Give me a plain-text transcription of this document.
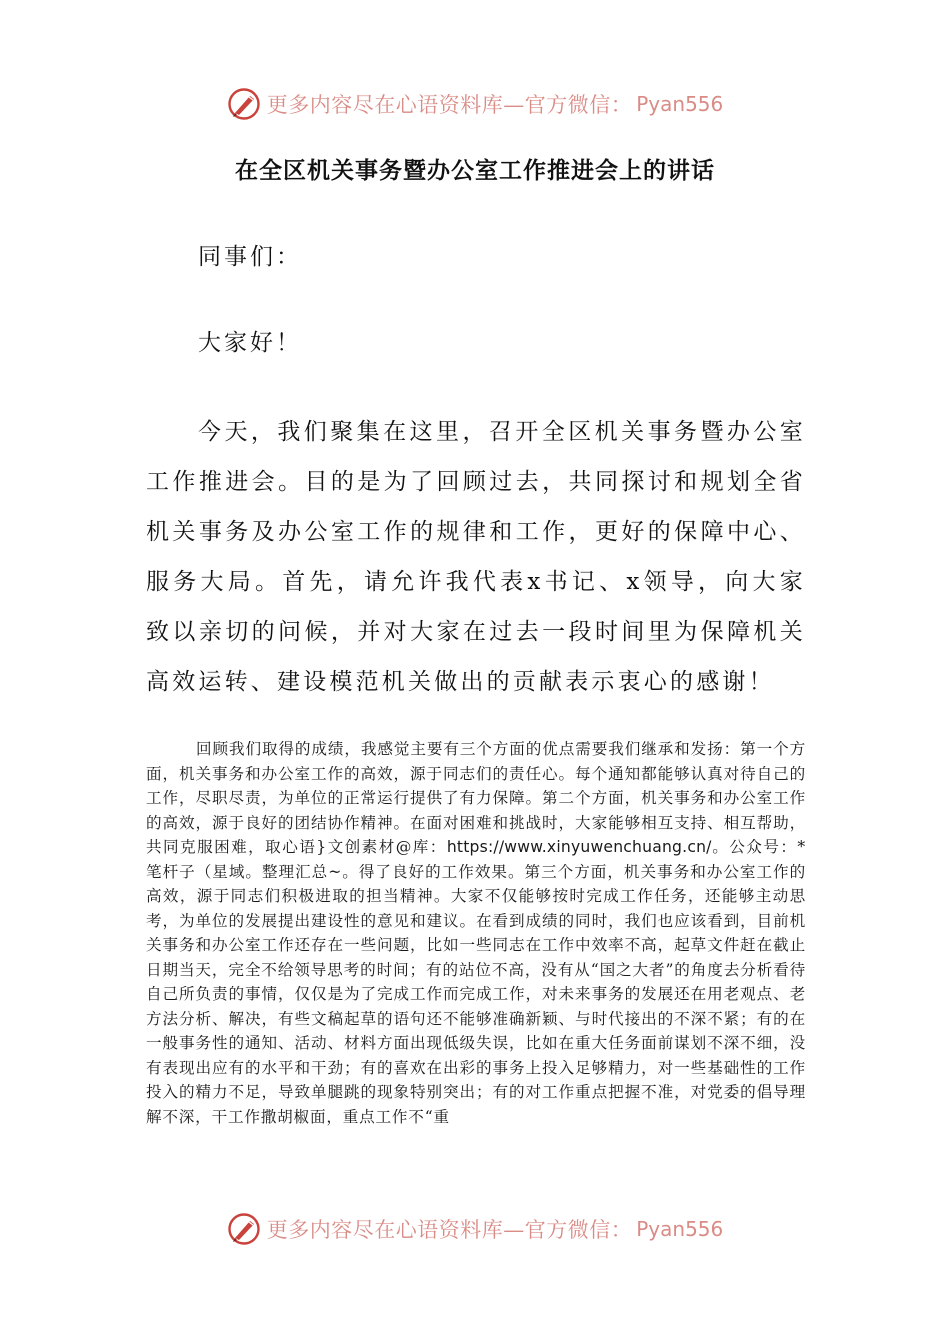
更多内容尽在心语资料库—官方微信： Pyan556
在全区机关事务暨办公室工作推进会上的讲话

同事们：

大家好！

今天，我们聚集在这里，召开全区机关事务暨办公室工作推进会。目的是为了回顾过去，共同探讨和规划全省机关事务及办公室工作的规律和工作，更好的保障中心、服务大局。首先，请允许我代表x书记、x领导，向大家致以亲切的问候，并对大家在过去一段时间里为保障机关高效运转、建设模范机关做出的贡献表示衷心的感谢！

回顾我们取得的成绩，我感觉主要有三个方面的优点需要我们继承和发扬：第一个方面，机关事务和办公室工作的高效，源于同志们的责任心。每个通知都能够认真对待自己的工作，尽职尽责，为单位的正常运行提供了有力保障。第二个方面，机关事务和办公室工作的高效，源于良好的团结协作精神。在面对困难和挑战时，大家能够相互支持、相互帮助，共同克服困难，取心语}文创素材@库：https://www.xinyuwenchuang.cn/。公众号：*笔杆子（星域。整理汇总~。得了良好的工作效果。第三个方面，机关事务和办公室工作的高效，源于同志们积极进取的担当精神。大家不仅能够按时完成工作任务，还能够主动思考，为单位的发展提出建设性的意见和建议。在看到成绩的同时，我们也应该看到，目前机关事务和办公室工作还存在一些问题，比如一些同志在工作中效率不高，起草文件赶在截止日期当天，完全不给领导思考的时间；有的站位不高，没有从“国之大者”的角度去分析看待自己所负责的事情，仅仅是为了完成工作而完成工作，对未来事务的发展还在用老观点、老方法分析、解决，有些文稿起草的语句还不能够准确新颖、与时代接出的不深不紧；有的在一般事务性的通知、活动、材料方面出现低级失误，比如在重大任务面前谋划不深不细，没有表现出应有的水平和干劲；有的喜欢在出彩的事务上投入足够精力，对一些基础性的工作投入的精力不足，导致单腿跳的现象特别突出；有的对工作重点把握不准，对党委的倡导理解不深，干工作撒胡椒面，重点工作不“重

更多内容尽在心语资料库—官方微信： Pyan556
